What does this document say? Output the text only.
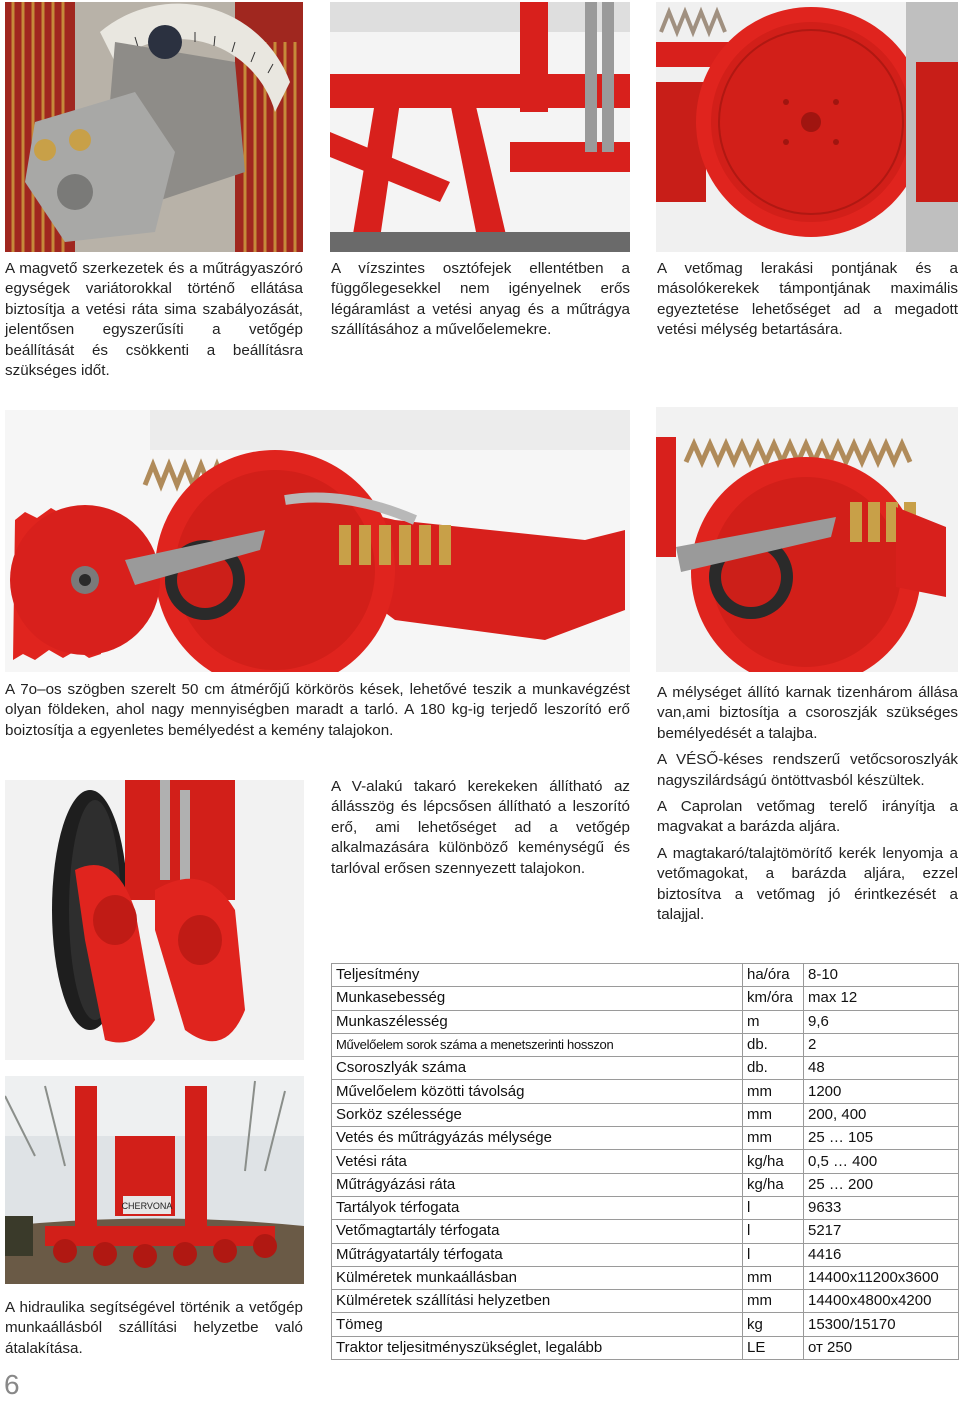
CHERVONA

A magvető szerkezetek és a műtrágyaszóró egységek variátorokkal történő ellátása biztosítja a vetési ráta sima szabályozását, jelentősen egyszerűsíti a vetőgép beállítását és csökkenti a beállításra szükséges időt.

A vízszintes osztófejek ellentétben a függőlegesekkel nem igényelnek erős légáramlást a vetési anyag és a műtrágya szállításához a művelőelemekre.

A vetőmag lerakási pontjának és a másolókerekek támpontjának maximális egyeztetése lehetőséget ad a megadott vetési mélység betartására.

A 7o–os szögben szerelt 50 cm átmérőjű körkörös kések, lehetővé teszik a munkavégzést olyan földeken, ahol nagy mennyiségben maradt a tarló. A 180 kg-ig terjedő leszorító erő boiztosítja a egyenletes bemélyedést a kemény talajokon.

A V-alakú takaró kerekeken állítható az állásszög és lépcsősen állítható a leszorító erő, ami lehetőséget ad a vetőgép alkalmazására különböző keménységű és tarlóval erősen szennyezett talajokon.

A mélységet állító karnak tizenhárom állása van,ami biztosítja a csoroszják szükséges bemélyedését a talajba.

A VÉSŐ-késes rendszerű vetőcsoroszlyák nagyszilárdságú öntöttvasból készültek.

A Caprolan vetőmag terelő irányítja a magvakat a barázda aljára.

A magtakaró/talajtömörítő kerék lenyomja a vetőmagokat, a barázda aljára, ezzel biztosítva a vetőmag jó érintkezését a talajjal.

A hidraulika segítségével történik a vetőgép munkaállásból szállítási helyzetbe való átalakítása.

6
Teljesítmény	ha/óra	8-10
Munkasebesség	km/óra	max 12
Munkaszélesség	m	9,6
Művelőelem sorok száma a menetszerinti hosszon	db.	2
Csoroszlyák száma	db.	48
Művelőelem közötti távolság	mm	1200
Sorköz szélessége	mm	200, 400
Vetés és műtrágyázás mélysége	mm	25 … 105
Vetési ráta	kg/ha	0,5 … 400
Műtrágyázási ráta	kg/ha	25 … 200
Tartályok térfogata	l	9633
Vetőmagtartály térfogata	l	5217
Műtrágyatartály térfogata	l	4416
Külméretek munkaállásban	mm	14400x11200x3600
Külméretek szállítási helyzetben	mm	14400x4800x4200
Tömeg	kg	15300/15170
Traktor teljesitményszükséglet, legalább	LE	от 250
